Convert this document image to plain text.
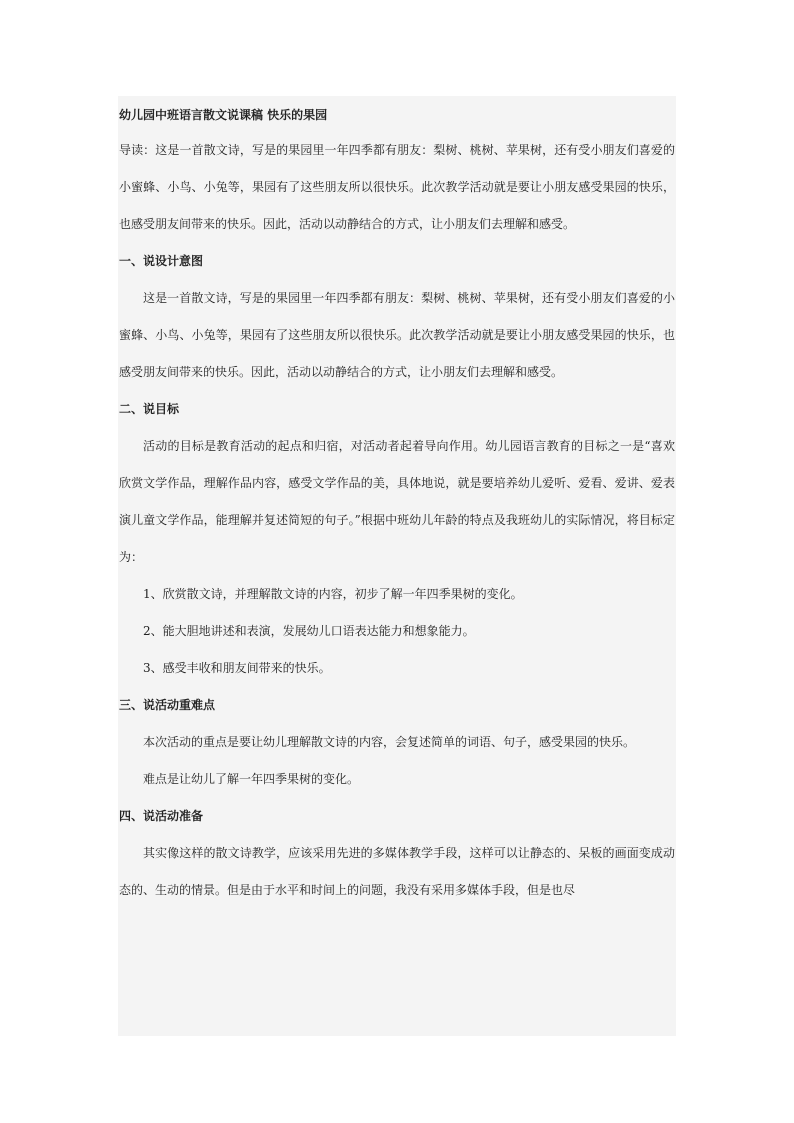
幼儿园中班语言散文说课稿 快乐的果园

导读：这是一首散文诗，写是的果园里一年四季都有朋友：梨树、桃树、苹果树，还有受小朋友们喜爱的小蜜蜂、小鸟、小兔等，果园有了这些朋友所以很快乐。此次教学活动就是要让小朋友感受果园的快乐，也感受朋友间带来的快乐。因此，活动以动静结合的方式，让小朋友们去理解和感受。

一、说设计意图

这是一首散文诗，写是的果园里一年四季都有朋友：梨树、桃树、苹果树，还有受小朋友们喜爱的小蜜蜂、小鸟、小兔等，果园有了这些朋友所以很快乐。此次教学活动就是要让小朋友感受果园的快乐，也感受朋友间带来的快乐。因此，活动以动静结合的方式，让小朋友们去理解和感受。

二、说目标

活动的目标是教育活动的起点和归宿，对活动者起着导向作用。幼儿园语言教育的目标之一是“喜欢欣赏文学作品，理解作品内容，感受文学作品的美，具体地说，就是要培养幼儿爱听、爱看、爱讲、爱表演儿童文学作品，能理解并复述简短的句子。”根据中班幼儿年龄的特点及我班幼儿的实际情况，将目标定为：

1、欣赏散文诗，并理解散文诗的内容，初步了解一年四季果树的变化。

2、能大胆地讲述和表演，发展幼儿口语表达能力和想象能力。

3、感受丰收和朋友间带来的快乐。

三、说活动重难点

本次活动的重点是要让幼儿理解散文诗的内容，会复述简单的词语、句子，感受果园的快乐。

难点是让幼儿了解一年四季果树的变化。

四、说活动准备

其实像这样的散文诗教学，应该采用先进的多媒体教学手段，这样可以让静态的、呆板的画面变成动态的、生动的情景。但是由于水平和时间上的问题，我没有采用多媒体手段，但是也尽
